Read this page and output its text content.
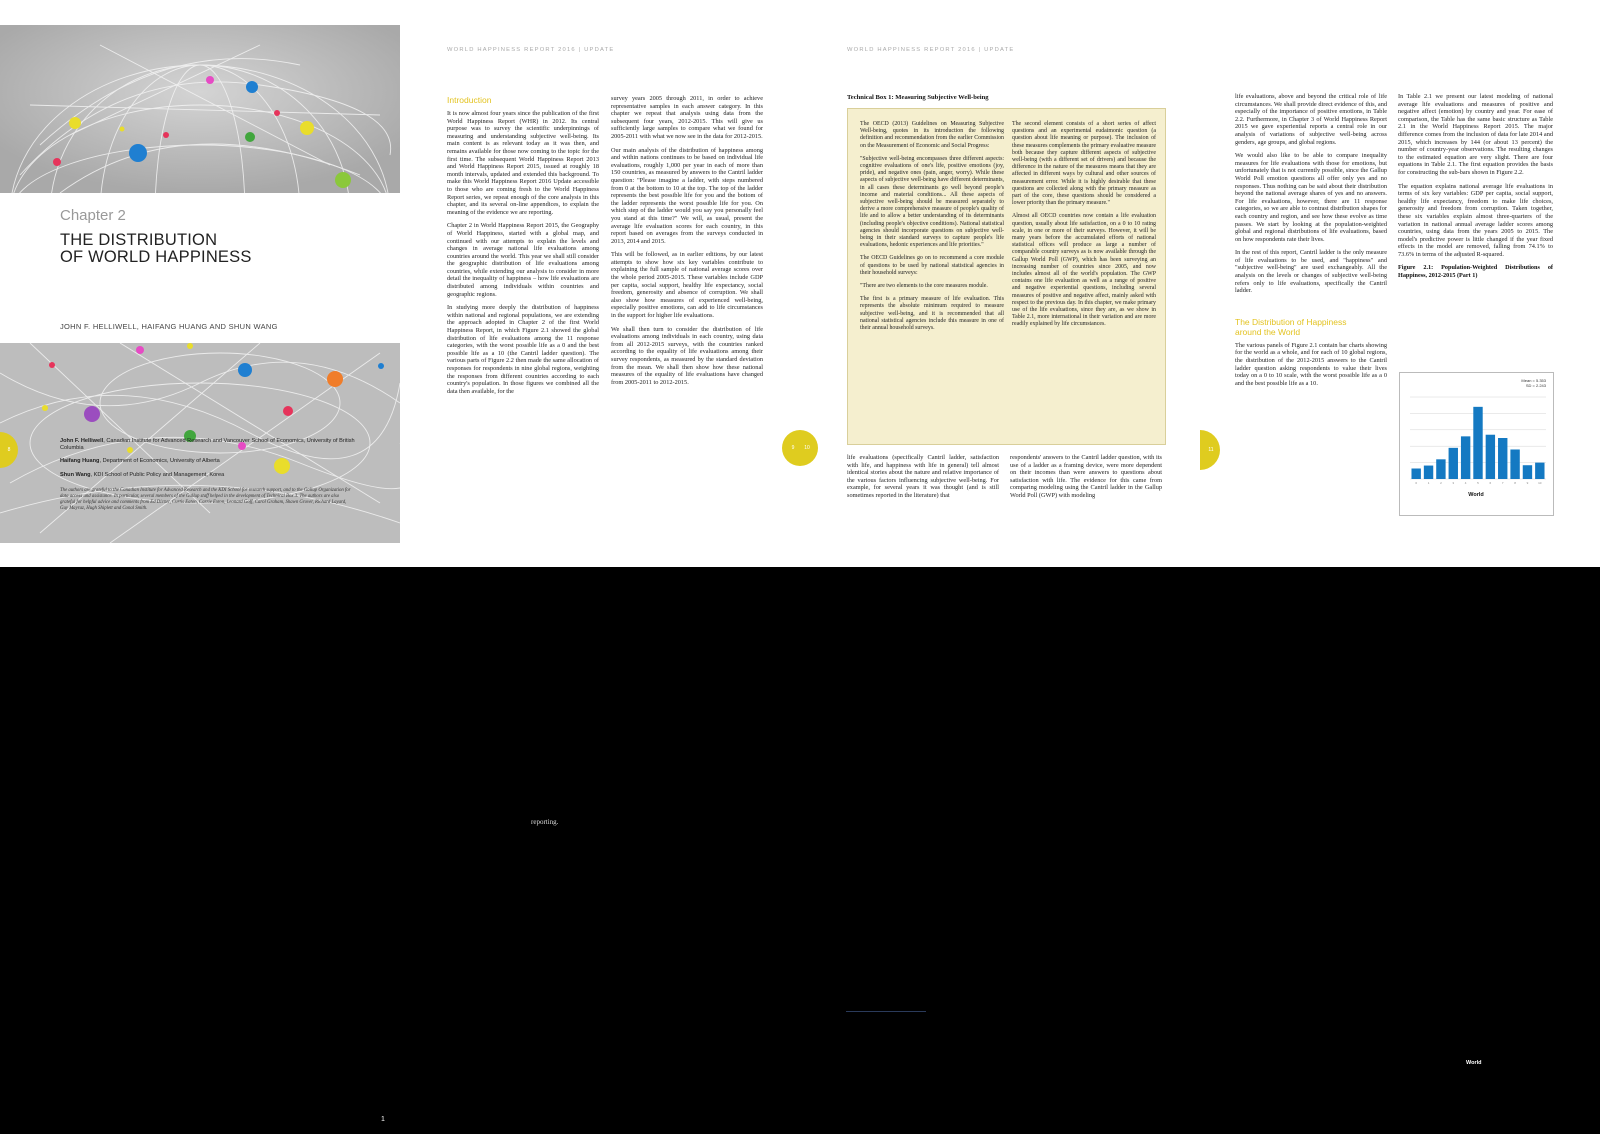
Chapter 2
THE DISTRIBUTION
OF WORLD HAPPINESS
JOHN F. HELLIWELL, HAIFANG HUANG AND SHUN WANG
8
John F. Helliwell, Canadian Institute for Advanced Research and Vancouver School of Economics, University of British Columbia
Haifang Huang, Department of Economics, University of Alberta
Shun Wang, KDI School of Public Policy and Management, Korea
The authors are grateful to the Canadian Institute for Advanced Research and the KDI School for research support, and to the Gallup Organization for data access and assistance. In particular, several members of the Gallup staff helped in the development of Technical Box 3. The authors are also grateful for helpful advice and comments from Ed Diener, Curtis Eaton, Carrie Exton, Leonard Goff, Carol Graham, Shawn Grover, Richard Layard, Guy Mayraz, Hugh Shiplett and Conal Smith.
WORLD HAPPINESS REPORT 2016 | UPDATE
Introduction

It is now almost four years since the publication of the first World Happiness Report (WHR) in 2012. Its central purpose was to survey the scientific underpinnings of measuring and understanding subjective well-being. Its main content is as relevant today as it was then, and remains available for those now coming to the topic for the first time. The subsequent World Happiness Report 2013 and World Happiness Report 2015, issued at roughly 18 month intervals, updated and extended this background. To make this World Happiness Report 2016 Update accessible to those who are coming fresh to the World Happiness Report series, we repeat enough of the core analysis in this chapter, and its several on-line appendices, to explain the meaning of the evidence we are reporting.

Chapter 2 in World Happiness Report 2015, the Geography of World Happiness, started with a global map, and continued with our attempts to explain the levels and changes in average national life evaluations among countries around the world. This year we shall still consider the geographic distribution of life evaluations among countries, while extending our analysis to consider in more detail the inequality of happiness – how life evaluations are distributed among individuals within countries and geographic regions.

In studying more deeply the distribution of happiness within national and regional populations, we are extending the approach adopted in Chapter 2 of the first World Happiness Report, in which Figure 2.1 showed the global distribution of life evaluations among the 11 response categories, with the worst possible life as a 0 and the best possible life as a 10 (the Cantril ladder question). The various parts of Figure 2.2 then made the same allocation of responses for respondents in nine global regions, weighting the responses from different countries according to each country's population. In those figures we combined all the data then available, for the

survey years 2005 through 2011, in order to achieve representative samples in each answer category. In this chapter we repeat that analysis using data from the subsequent four years, 2012-2015. This will give us sufficiently large samples to compare what we found for 2005-2011 with what we now see in the data for 2012-2015.

Our main analysis of the distribution of happiness among and within nations continues to be based on individual life evaluations, roughly 1,000 per year in each of more than 150 countries, as measured by answers to the Cantril ladder question: "Please imagine a ladder, with steps numbered from 0 at the bottom to 10 at the top. The top of the ladder represents the best possible life for you and the bottom of the ladder represents the worst possible life for you. On which step of the ladder would you say you personally feel you stand at this time?" We will, as usual, present the average life evaluation scores for each country, in this report based on averages from the surveys conducted in 2013, 2014 and 2015.

This will be followed, as in earlier editions, by our latest attempts to show how six key variables contribute to explaining the full sample of national average scores over the whole period 2005-2015. These variables include GDP per capita, social support, healthy life expectancy, social freedom, generosity and absence of corruption. We shall also show how measures of experienced well-being, especially positive emotions, can add to life circumstances in the support for higher life evaluations.

We shall then turn to consider the distribution of life evaluations among individuals in each country, using data from all 2012-2015 surveys, with the countries ranked according to the equality of life evaluations among their survey respondents, as measured by the standard deviation from the mean. We shall then show how these national measures of the equality of life evaluations have changed from 2005-2011 to 2012-2015.

9
WORLD HAPPINESS REPORT 2016 | UPDATE
Technical Box 1: Measuring Subjective Well-being
10

life evaluations (specifically Cantril ladder, satisfaction with life, and happiness with life in general) tell almost identical stories about the nature and relative importance of the various factors influencing subjective well-being. For example, for several years it was thought (and is still sometimes reported in the literature) that

respondents' answers to the Cantril ladder question, with its use of a ladder as a framing device, were more dependent on their incomes than were answers to questions about satisfaction with life. The evidence for this came from comparing modeling using the Cantril ladder in the Gallup World Poll (GWP) with modeling

The OECD (2013) Guidelines on Measuring Subjective Well-being, quotes in its introduction the following definition and recommendation from the earlier Commission on the Measurement of Economic and Social Progress:

"Subjective well-being encompasses three different aspects: cognitive evaluations of one's life, positive emotions (joy, pride), and negative ones (pain, anger, worry). While these aspects of subjective well-being have different determinants, in all cases these determinants go well beyond people's income and material conditions... All these aspects of subjective well-being should be measured separately to derive a more comprehensive measure of people's quality of life and to allow a better understanding of its determinants (including people's objective conditions). National statistical agencies should incorporate questions on subjective well-being in their standard surveys to capture people's life evaluations, hedonic experiences and life priorities."

The OECD Guidelines go on to recommend a core module of questions to be used by national statistical agencies in their household surveys:

"There are two elements to the core measures module.

The first is a primary measure of life evaluation. This represents the absolute minimum required to measure subjective well-being, and it is recommended that all national statistical agencies include this measure in one of their annual household surveys.

The second element consists of a short series of affect questions and an experimental eudaimonic question (a question about life meaning or purpose). The inclusion of these measures complements the primary evaluative measure both because they capture different aspects of subjective well-being (with a different set of drivers) and because the difference in the nature of the measures means that they are affected in different ways by cultural and other sources of measurement error. While it is highly desirable that these questions are collected along with the primary measure as part of the core, these questions should be considered a lower priority than the primary measure."

Almost all OECD countries now contain a life evaluation question, usually about life satisfaction, on a 0 to 10 rating scale, in one or more of their surveys. However, it will be many years before the accumulated efforts of national statistical offices will produce as large a number of comparable country surveys as is now available through the Gallup World Poll (GWP), which has been surveying an increasing number of countries since 2005, and now includes almost all of the world's population. The GWP contains one life evaluation as well as a range of positive and negative experiential questions, including several measures of positive and negative affect, mainly asked with respect to the previous day. In this chapter, we make primary use of the life evaluations, since they are, as we show in Table 2.1, more international in their variation and are more readily explained by life circumstances.

11

life evaluations, above and beyond the critical role of life circumstances. We shall provide direct evidence of this, and especially of the importance of positive emotions, in Table 2.2. Furthermore, in Chapter 3 of World Happiness Report 2015 we gave experiential reports a central role in our analysis of variations of subjective well-being across genders, age groups, and global regions.

We would also like to be able to compare inequality measures for life evaluations with those for emotions, but unfortunately that is not currently possible, since the Gallup World Poll emotion questions all offer only yes and no responses. Thus nothing can be said about their distribution beyond the national average shares of yes and no answers. For life evaluations, however, there are 11 response categories, so we are able to contrast distribution shapes for each country and region, and see how these evolve as time passes. We start by looking at the population-weighted global and regional distributions of life evaluations, based on how respondents rate their lives.

In the rest of this report, Cantril ladder is the only measure of life evaluations to be used, and "happiness" and "subjective well-being" are used exchangeably. All the analysis on the levels or changes of subjective well-being refers only to life evaluations, specifically the Cantril ladder.

The Distribution of Happiness
around the World

The various panels of Figure 2.1 contain bar charts showing for the world as a whole, and for each of 10 global regions, the distribution of the 2012-2015 answers to the Cantril ladder question asking respondents to value their lives today on a 0 to 10 scale, with the worst possible life as a 0 and the best possible life as a 10.

In Table 2.1 we present our latest modeling of national average life evaluations and measures of positive and negative affect (emotion) by country and year. For ease of comparison, the Table has the same basic structure as Table 2.1 in the World Happiness Report 2015. The major difference comes from the inclusion of data for late 2014 and 2015, which increases by 144 (or about 13 percent) the number of country-year observations. The resulting changes to the estimated equation are very slight. There are four equations in Table 2.1. The first equation provides the basis for constructing the sub-bars shown in Figure 2.2.

The equation explains national average life evaluations in terms of six key variables: GDP per capita, social support, healthy life expectancy, freedom to make life choices, generosity and freedom from corruption. Taken together, these six variables explain almost three-quarters of the variation in national annual average ladder scores among countries, using data from the years 2005 to 2015. The model's predictive power is little changed if the year fixed effects in the model are removed, falling from 74.1% to 73.6% in terms of the adjusted R-squared.

Figure 2.1: Population-Weighted Distributions of Happiness, 2012-2015 (Part 1)

Mean = 5.353
SD = 2.243
0	1	2	3	4	5	6	7	8	9	10
World
reporting.
World
1
